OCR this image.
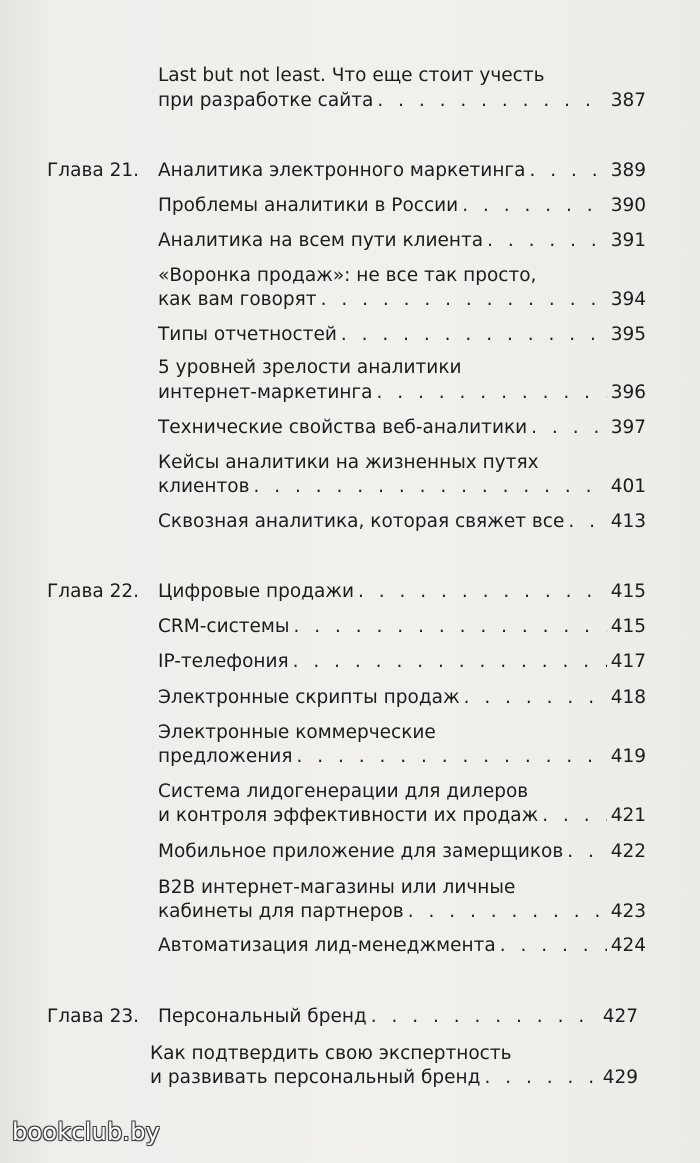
Last but not least. Что еще стоит учесть
при разработке сайта . . .	387
Глава 21. Аналитика электронного маркетинга . . .	389
Проблемы аналитики в России . . .	390
Аналитика на всем пути клиента . . .	391
«Воронка продаж»: не все так просто,
как вам говорят . . .	394
Типы отчетностей . . .	395
5 уровней зрелости аналитики
интернет-маркетинга . . .	396
Технические свойства веб-аналитики . . .	397
Кейсы аналитики на жизненных путях
клиентов . . .	401
Сквозная аналитика, которая свяжет все . . .	413
Глава 22. Цифровые продажи . . .	415
CRM-системы . . .	415
IP-телефония . . .	417
Электронные скрипты продаж . . .	418
Электронные коммерческие
предложения . . .	419
Система лидогенерации для дилеров
и контроля эффективности их продаж . . .	421
Мобильное приложение для замерщиков . . .	422
B2B интернет-магазины или личные
кабинеты для партнеров . . .	423
Автоматизация лид-менеджмента . . .	424
Глава 23. Персональный бренд . . .	427
Как подтвердить свою экспертность
и развивать персональный бренд . . .	429
bookclub.by
